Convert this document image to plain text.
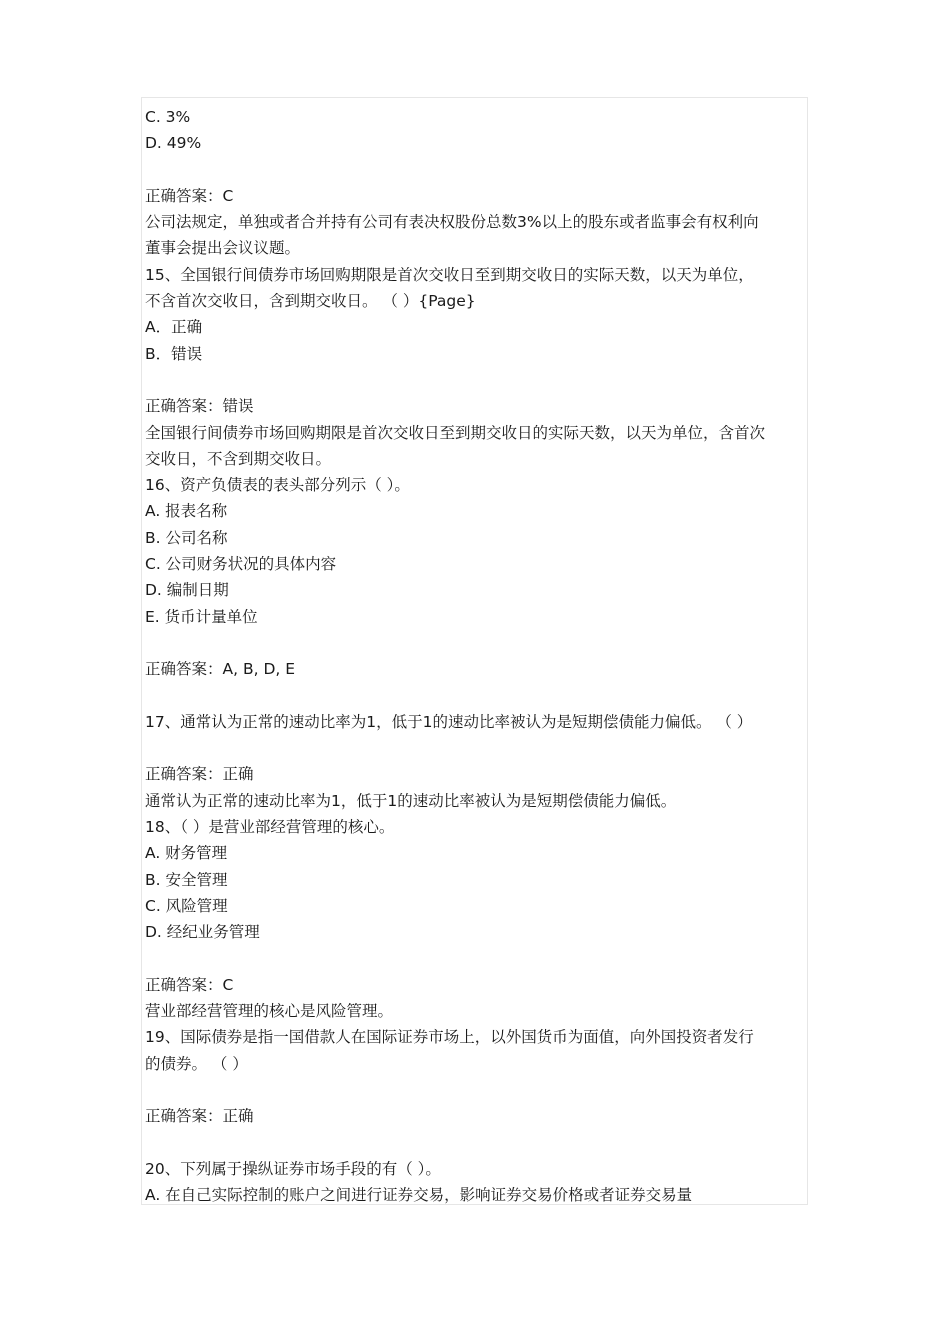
C. 3%
D. 49%
正确答案：C
公司法规定，单独或者合并持有公司有表决权股份总数3%以上的股东或者监事会有权利向
董事会提出会议议题。
15、全国银行间债券市场回购期限是首次交收日至到期交收日的实际天数，以天为单位，
不含首次交收日，含到期交收日。 （ ）{Page}
A．正确
B．错误
正确答案：错误
全国银行间债券市场回购期限是首次交收日至到期交收日的实际天数，以天为单位，含首次
交收日，不含到期交收日。
16、资产负债表的表头部分列示（ ）。
A. 报表名称
B. 公司名称
C. 公司财务状况的具体内容
D. 编制日期
E. 货币计量单位
正确答案：A, B, D, E
17、通常认为正常的速动比率为1，低于1的速动比率被认为是短期偿债能力偏低。 （ ）
正确答案：正确
通常认为正常的速动比率为1，低于1的速动比率被认为是短期偿债能力偏低。
18、（ ）是营业部经营管理的核心。
A. 财务管理
B. 安全管理
C. 风险管理
D. 经纪业务管理
正确答案：C
营业部经营管理的核心是风险管理。
19、国际债券是指一国借款人在国际证券市场上，以外国货币为面值，向外国投资者发行
的债券。 （ ）
正确答案：正确
20、下列属于操纵证券市场手段的有（ ）。
A. 在自己实际控制的账户之间进行证券交易，影响证券交易价格或者证券交易量
